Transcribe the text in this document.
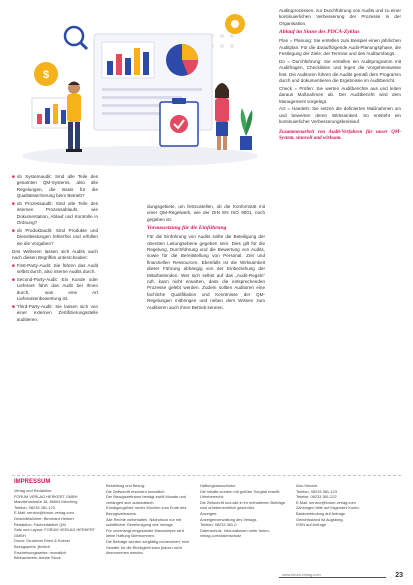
$
■ ob Systemaudit: Sind alle Teile des gesamten QM-Systems, also alle Regelungen, die Basis für die Qualitätssicherung beim Betrieb?
■ ob Prozessaudit: Sind alle Teile des internen Prozessablaufs, wie Dokumentation, Ablauf und Kontrolle in Ordnung?
■ ob Produktaudit: Sind Produkte und Dienstleistungen fehlerfrei und erfüllen sie die Vorgaben?

Des Weiteren lassen sich Audits auch nach diesen Begriffen unterscheiden:

■ First-Party-Audit: Sie führen das Audit selbst durch, also interne Audits durch.
■ Second-Party-Audit: Ein Kunde oder Lieferant führt das Audit bei Ihnen durch, was eine Art Lieferantenbewertung ist.
■ Third-Party-Audit: Sie lassen sich von einer externen Zertifizierungsstelle auditieren.

dungsgebiete, um festzustellen, ob die Konformität mit einer QM-Regelwerk, wie der DIN EN ISO 9001, noch gegeben ist.

Voraussetzung für die Einführung

Für die Einführung von Audits sollte die Beteiligung der obersten Leitungsebene gegeben sein. Dies gilt für die Regelung, Durchführung und die Bewertung von Audits, sowie für die Bereitstellung von Personal, Zeit und finanziellen Ressourcen. Ebenfalls ist die Wirksamkeit dieser Führung abhängig von der Einbeziehung der Mitarbeitenden. Wer sich selbst auf das „Audit-Regeln“ ruft, kann nicht erwarten, dass die entsprechenden Prozesse gelebt werden. Zudem sollten Auditoren eine fachliche Qualifikation und Kenntnisse der QM-Regelungen mitbringen und neben dem Wissen zum Auditieren auch ihren Betrieb kennen.

Audituprozessen, zur Durchführung von Audits und zu einer kontinuierlichen Verbesserung der Prozesse in der Organisation.

Ablauf im Sinne des PDCA-Zyklus

Plan = Planung: Sie erstellen zum Beispiel einen jährlichen Auditplan. Für die darauffolgende Audit-Planungsphase, die Festlegung der Ziele, der Termine und des Auditumfangs.

Do = Durchführung: Sie erstellen ein Auditprogramm mit Auditfragen, Checklisten und legen die Vorgehensweise fest. Die Auditoren führen die Audits gemäß dem Programm durch und dokumentieren die Ergebnisse im Auditbericht.

Check = Prüfen: Sie werten Auditberichte aus und leiten daraus Maßnahmen ab. Der Auditbericht wird dem Management vorgelegt.

Act = Handeln: Sie setzen die definierten Maßnahmen um und bewerten deren Wirksamkeit. So entsteht ein kontinuierlicher Verbesserungskreislauf.

Zusammenarbeit von Audit-Verfahren für unser QM-System, sinnvoll und wirksam.
IMPRESSUM

Verlag und Redaktion:

FORUM VERLAG HERKERT GMBH

Mandichostraße 18, 86504 Merching

Telefon: 08233 381-123

E-Mail: service@forum-verlag.com

Geschäftsführer: Bernhard Herkert

Redaktion: Fachredaktion QM

Satz und Layout: FORUM VERLAG HERKERT GMBH

Druck: Druckerei Eberl & Koesel

Bezugspreis: jährlich

Erscheinungsweise: monatlich

Bildnachweis: Adobe Stock

Bestellung und Bezug:

Die Zeitschrift erscheint monatlich.

Der Bezugszeitraum beträgt zwölf Monate und verlängert sich automatisch.

Kündigungsfrist: sechs Wochen zum Ende des Bezugszeitraums.

Alle Rechte vorbehalten. Nachdruck nur mit schriftlicher Genehmigung des Verlags.

Für unverlangt eingesandte Manuskripte wird keine Haftung übernommen.

Die Beiträge wurden sorgfältig recherchiert, eine Gewähr für die Richtigkeit kann jedoch nicht übernommen werden.

Haftungsausschluss:

Die Inhalte wurden mit größter Sorgfalt erstellt.

Urheberrecht:

Die Zeitschrift und alle in ihr enthaltenen Beiträge sind urheberrechtlich geschützt.

Anzeigen:

Anzeigenverwaltung des Verlags

Telefon: 08233 381-0

Datenschutz: Informationen unter forum-verlag.com/datenschutz

Abo-Service:

Telefon: 08233 381-123

Telefax: 08233 381-222

E-Mail: service@forum-verlag.com

Zahlungen bitte auf folgendes Konto:

Bankverbindung auf Anfrage

Gerichtsstand ist Augsburg.

ISSN auf Anfrage

www.forum-verlag.com	23
